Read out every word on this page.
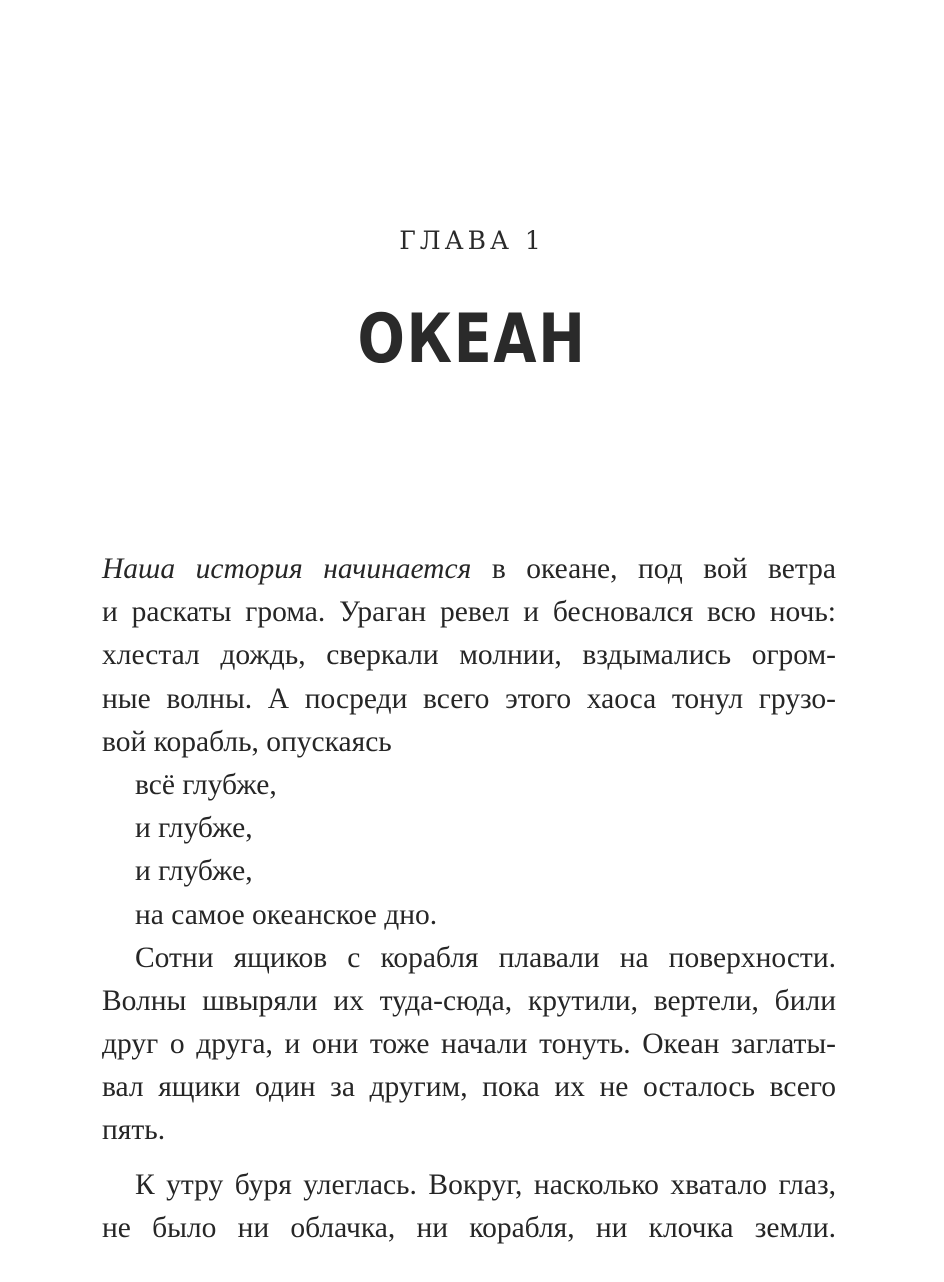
ГЛАВА 1
ОКЕАН
Наша история начинается в океане, под вой ветра
и раскаты грома. Ураган ревел и бесновался всю ночь:
хлестал дождь, сверкали молнии, вздымались огром-
ные волны. А посреди всего этого хаоса тонул грузо-
вой корабль, опускаясь
всё глубже,
и глубже,
и глубже,
на самое океанское дно.
Сотни ящиков с корабля плавали на поверхности.
Волны швыряли их туда-сюда, крутили, вертели, били
друг о друга, и они тоже начали тонуть. Океан заглаты-
вал ящики один за другим, пока их не осталось всего
пять.
К утру буря улеглась. Вокруг, насколько хватало глаз,
не было ни облачка, ни корабля, ни клочка земли.
